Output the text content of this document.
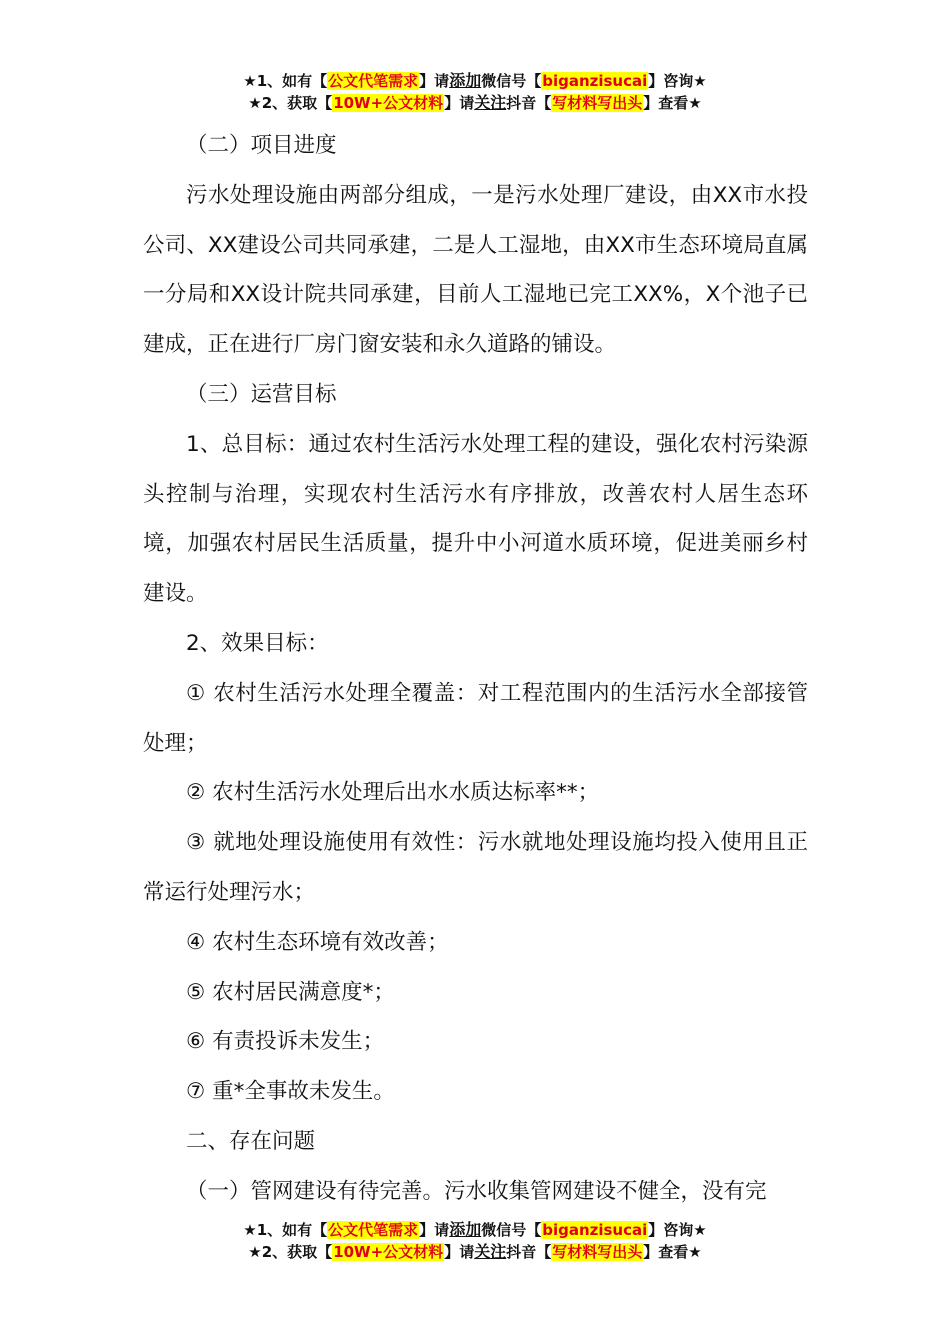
★1、如有【公文代笔需求】请添加微信号【biganzisucai】咨询★
★2、获取【10W+公文材料】请关注抖音【写材料写出头】查看★

（二）项目进度

污水处理设施由两部分组成，一是污水处理厂建设，由XX市水投公司、XX建设公司共同承建，二是人工湿地，由XX市生态环境局直属一分局和XX设计院共同承建，目前人工湿地已完工XX%，X个池子已建成，正在进行厂房门窗安装和永久道路的铺设。

（三）运营目标

1、总目标：通过农村生活污水处理工程的建设，强化农村污染源头控制与治理，实现农村生活污水有序排放，改善农村人居生态环境，加强农村居民生活质量，提升中小河道水质环境，促进美丽乡村建设。

2、效果目标：

① 农村生活污水处理全覆盖：对工程范围内的生活污水全部接管处理；

② 农村生活污水处理后出水水质达标率**；

③ 就地处理设施使用有效性：污水就地处理设施均投入使用且正常运行处理污水；

④ 农村生态环境有效改善；

⑤ 农村居民满意度*；

⑥ 有责投诉未发生；

⑦ 重*全事故未发生。

二、存在问题

（一）管网建设有待完善。污水收集管网建设不健全，没有完

★1、如有【公文代笔需求】请添加微信号【biganzisucai】咨询★
★2、获取【10W+公文材料】请关注抖音【写材料写出头】查看★
